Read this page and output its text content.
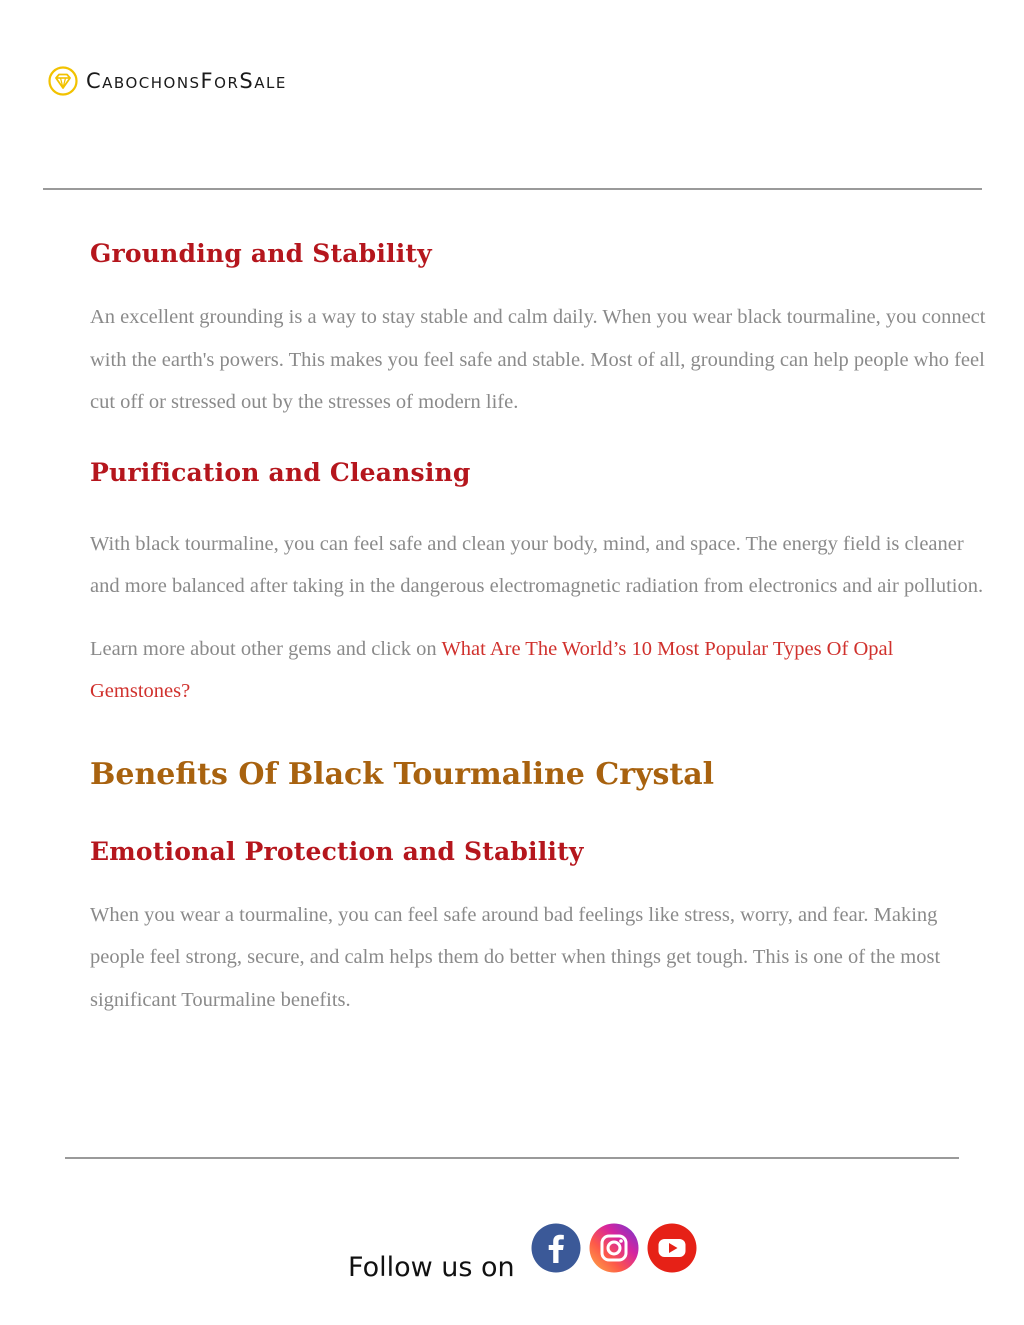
CabochonsForSale
Grounding and Stability

An excellent grounding is a way to stay stable and calm daily. When you wear black tourmaline, you connect with the earth's powers. This makes you feel safe and stable. Most of all, grounding can help people who feel cut off or stressed out by the stresses of modern life.

Purification and Cleansing

With black tourmaline, you can feel safe and clean your body, mind, and space. The energy field is cleaner and more balanced after taking in the dangerous electromagnetic radiation from electronics and air pollution.

Learn more about other gems and click on What Are The World’s 10 Most Popular Types Of Opal Gemstones?

Benefits Of Black Tourmaline Crystal
Emotional Protection and Stability

When you wear a tourmaline, you can feel safe around bad feelings like stress, worry, and fear. Making people feel strong, secure, and calm helps them do better when things get tough. This is one of the most significant Tourmaline benefits.

Follow us on
